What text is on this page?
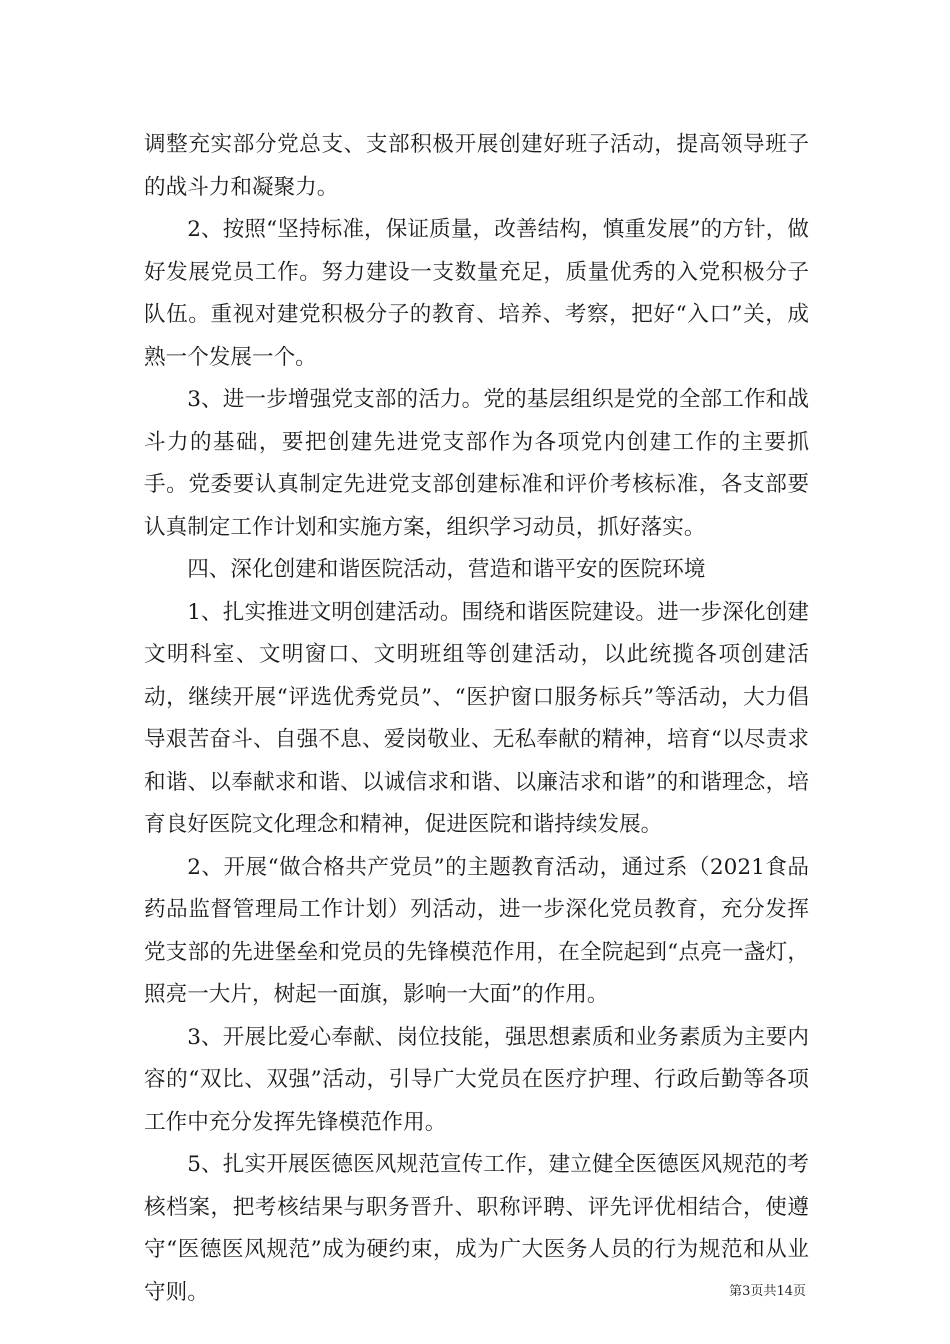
调整充实部分党总支、支部积极开展创建好班子活动，提高领导班子的战斗力和凝聚力。

2、按照“坚持标准，保证质量，改善结构，慎重发展”的方针，做好发展党员工作。努力建设一支数量充足，质量优秀的入党积极分子队伍。重视对建党积极分子的教育、培养、考察，把好“入口”关，成熟一个发展一个。

3、进一步增强党支部的活力。党的基层组织是党的全部工作和战斗力的基础，要把创建先进党支部作为各项党内创建工作的主要抓手。党委要认真制定先进党支部创建标准和评价考核标准，各支部要认真制定工作计划和实施方案，组织学习动员，抓好落实。

四、深化创建和谐医院活动，营造和谐平安的医院环境

1、扎实推进文明创建活动。围绕和谐医院建设。进一步深化创建文明科室、文明窗口、文明班组等创建活动，以此统揽各项创建活动，继续开展“评选优秀党员”、“医护窗口服务标兵”等活动，大力倡导艰苦奋斗、自强不息、爱岗敬业、无私奉献的精神，培育“以尽责求和谐、以奉献求和谐、以诚信求和谐、以廉洁求和谐”的和谐理念，培育良好医院文化理念和精神，促进医院和谐持续发展。

2、开展“做合格共产党员”的主题教育活动，通过系（2021食品药品监督管理局工作计划）列活动，进一步深化党员教育，充分发挥党支部的先进堡垒和党员的先锋模范作用，在全院起到“点亮一盏灯，照亮一大片，树起一面旗，影响一大面”的作用。

3、开展比爱心奉献、岗位技能，强思想素质和业务素质为主要内容的“双比、双强”活动，引导广大党员在医疗护理、行政后勤等各项工作中充分发挥先锋模范作用。

5、扎实开展医德医风规范宣传工作，建立健全医德医风规范的考核档案，把考核结果与职务晋升、职称评聘、评先评优相结合，使遵守“医德医风规范”成为硬约束，成为广大医务人员的行为规范和从业守则。	第3页共14页
